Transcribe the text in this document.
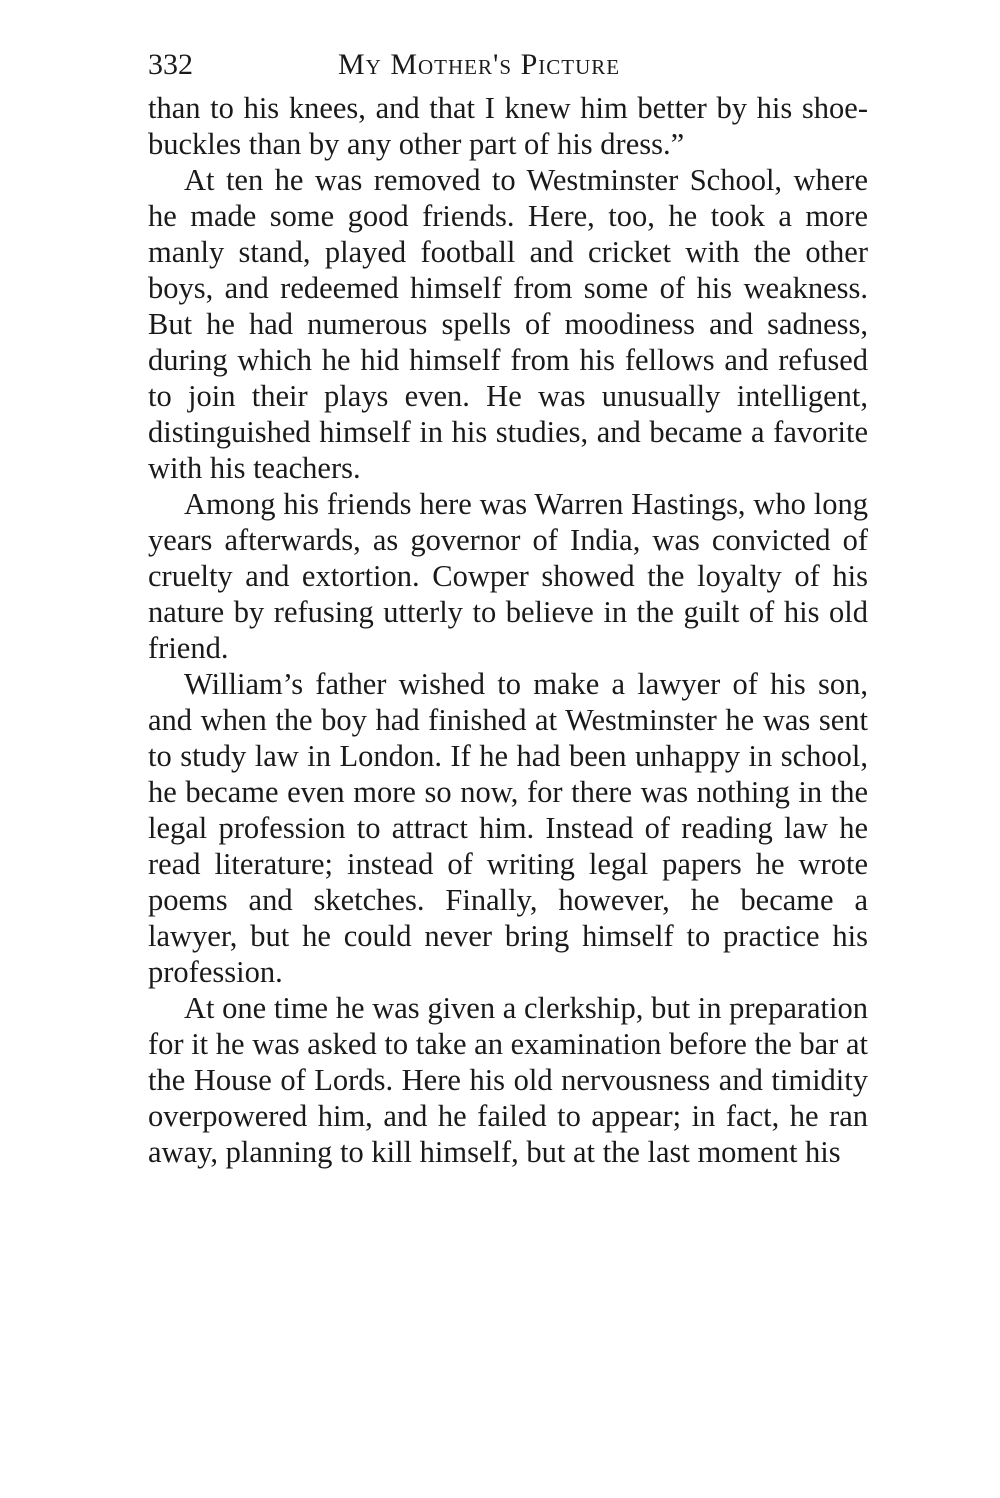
332	My Mother's Picture

than to his knees, and that I knew him better by his shoe-buckles than by any other part of his dress.”

At ten he was removed to Westminster School, where he made some good friends. Here, too, he took a more manly stand, played football and cricket with the other boys, and redeemed himself from some of his weakness. But he had numerous spells of moodiness and sadness, during which he hid himself from his fellows and refused to join their plays even. He was unusually intelligent, distinguished himself in his studies, and became a favorite with his teachers.

Among his friends here was Warren Hastings, who long years afterwards, as governor of India, was convicted of cruelty and extortion. Cowper showed the loyalty of his nature by refusing utterly to believe in the guilt of his old friend.

William’s father wished to make a lawyer of his son, and when the boy had finished at Westminster he was sent to study law in London. If he had been unhappy in school, he became even more so now, for there was nothing in the legal profession to attract him. Instead of reading law he read literature; instead of writing legal papers he wrote poems and sketches. Finally, however, he became a lawyer, but he could never bring himself to practice his profession.

At one time he was given a clerkship, but in preparation for it he was asked to take an examination before the bar at the House of Lords. Here his old nervousness and timidity overpowered him, and he failed to appear; in fact, he ran away, planning to kill himself, but at the last moment his
